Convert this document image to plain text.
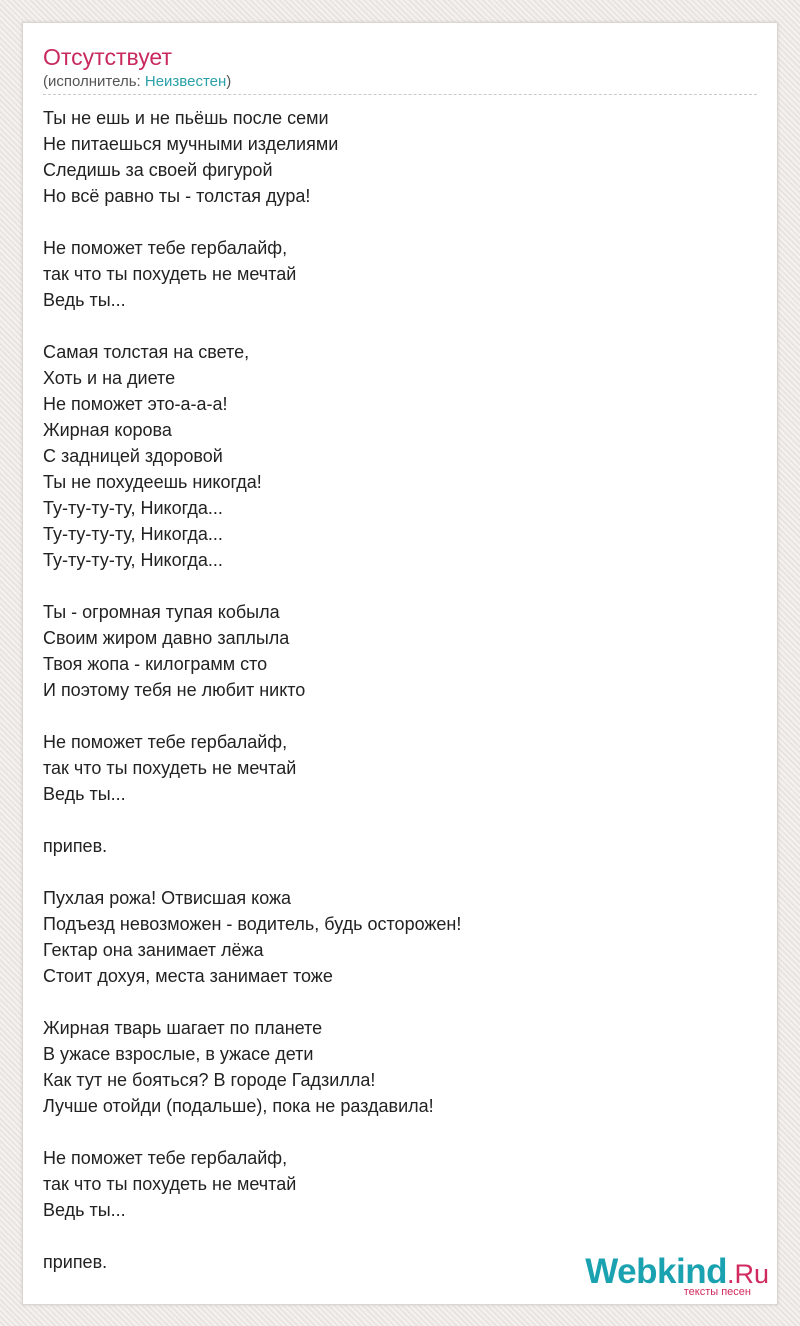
Отсутствует
(исполнитель: Неизвестен)
Ты не ешь и не пьёшь после семи
Не питаешься мучными изделиями
Следишь за своей фигурой
Но всё равно ты - толстая дура!
Не поможет тебе гербалайф,
так что ты похудеть не мечтай
Ведь ты...
Самая толстая на свете,
Хоть и на диете
Не поможет это-а-а-а!
Жирная корова
С задницей здоровой
Ты не похудеешь никогда!
Ту-ту-ту-ту, Никогда...
Ту-ту-ту-ту, Никогда...
Ту-ту-ту-ту, Никогда...
Ты - огромная тупая кобыла
Своим жиром давно заплыла
Твоя жопа - килограмм сто
И поэтому тебя не любит никто
Не поможет тебе гербалайф,
так что ты похудеть не мечтай
Ведь ты...
припев.
Пухлая рожа! Отвисшая кожа
Подъезд невозможен - водитель, будь осторожен!
Гектар она занимает лёжа
Стоит дохуя, места занимает тоже
Жирная тварь шагает по планете
В ужасе взрослые, в ужасе дети
Как тут не бояться? В городе Гадзилла!
Лучше отойди (подальше), пока не раздавила!
Не поможет тебе гербалайф,
так что ты похудеть не мечтай
Ведь ты...
припев.	Webkind.Ru
тексты песен
